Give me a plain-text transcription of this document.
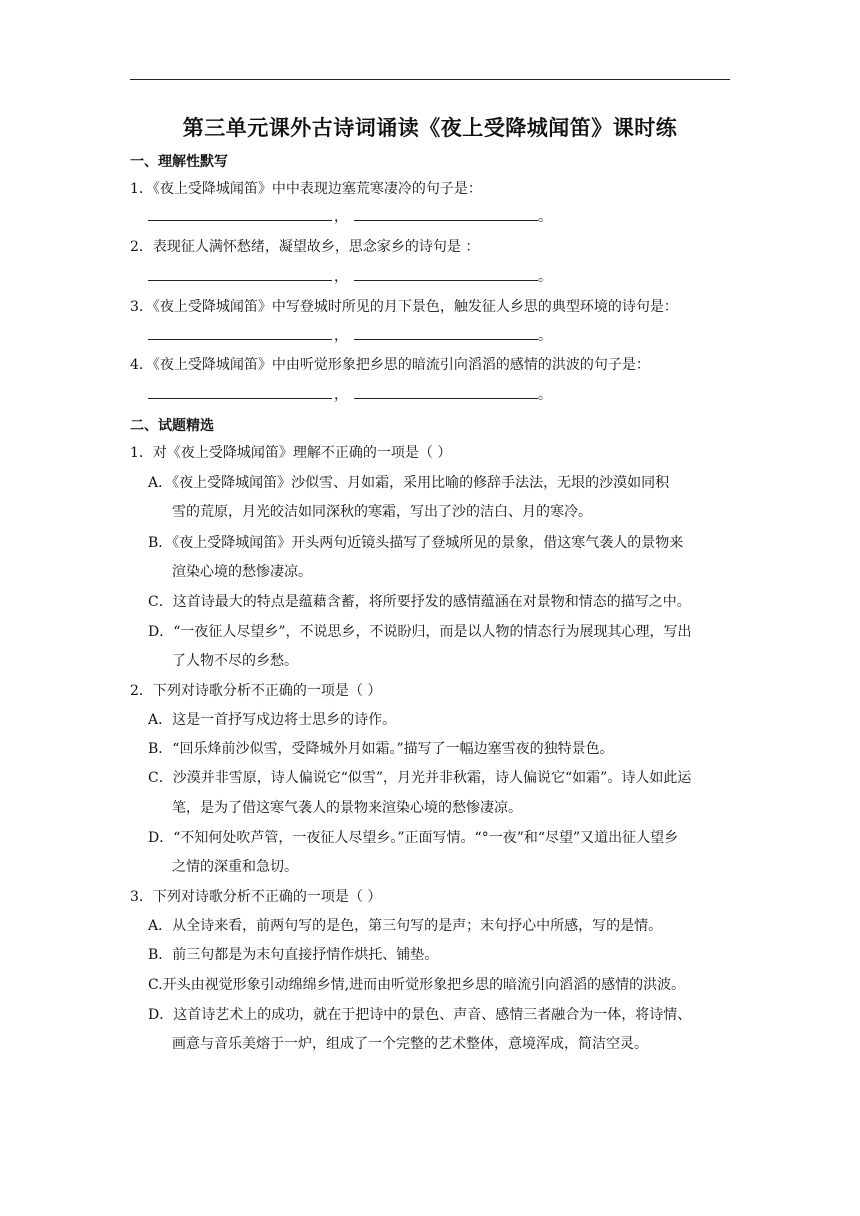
第三单元课外古诗词诵读《夜上受降城闻笛》课时练
一、理解性默写
1．《夜上受降城闻笛》中中表现边塞荒寒凄冷的句子是：
，	。
2．表现征人满怀愁绪，凝望故乡，思念家乡的诗句是 ：
，	。
3．《夜上受降城闻笛》中写登城时所见的月下景色，触发征人乡思的典型环境的诗句是：
，	。
4．《夜上受降城闻笛》中由听觉形象把乡思的暗流引向滔滔的感情的洪波的句子是：
，	。
二、试题精选
1．对《夜上受降城闻笛》理解不正确的一项是（ ）
A．《夜上受降城闻笛》沙似雪、月如霜，采用比喻的修辞手法法，无垠的沙漠如同积
雪的荒原，月光皎洁如同深秋的寒霜，写出了沙的洁白、月的寒冷。
B．《夜上受降城闻笛》开头两句近镜头描写了登城所见的景象，借这寒气袭人的景物来
渲染心境的愁惨凄凉。
C．这首诗最大的特点是蕴藉含蓄，将所要抒发的感情蕴涵在对景物和情态的描写之中。
D．“一夜征人尽望乡”，不说思乡，不说盼归，而是以人物的情态行为展现其心理，写出
了人物不尽的乡愁。
2．下列对诗歌分析不正确的一项是（ ）
A．这是一首抒写戍边将士思乡的诗作。
B．“回乐烽前沙似雪，受降城外月如霜。”描写了一幅边塞雪夜的独特景色。
C．沙漠并非雪原，诗人偏说它“似雪”，月光并非秋霜，诗人偏说它“如霜”。诗人如此运
笔，是为了借这寒气袭人的景物来渲染心境的愁惨凄凉。
D．“不知何处吹芦管，一夜征人尽望乡。”正面写情。“°一夜”和“尽望”又道出征人望乡
之情的深重和急切。
3．下列对诗歌分析不正确的一项是（ ）
A．从全诗来看，前两句写的是色，第三句写的是声；末句抒心中所感，写的是情。
B．前三句都是为末句直接抒情作烘托、铺垫。
C.开头由视觉形象引动绵绵乡情,进而由听觉形象把乡思的暗流引向滔滔的感情的洪波。
D．这首诗艺术上的成功，就在于把诗中的景色、声音、感情三者融合为一体，将诗情、
画意与音乐美熔于一炉，组成了一个完整的艺术整体，意境浑成，简洁空灵。
